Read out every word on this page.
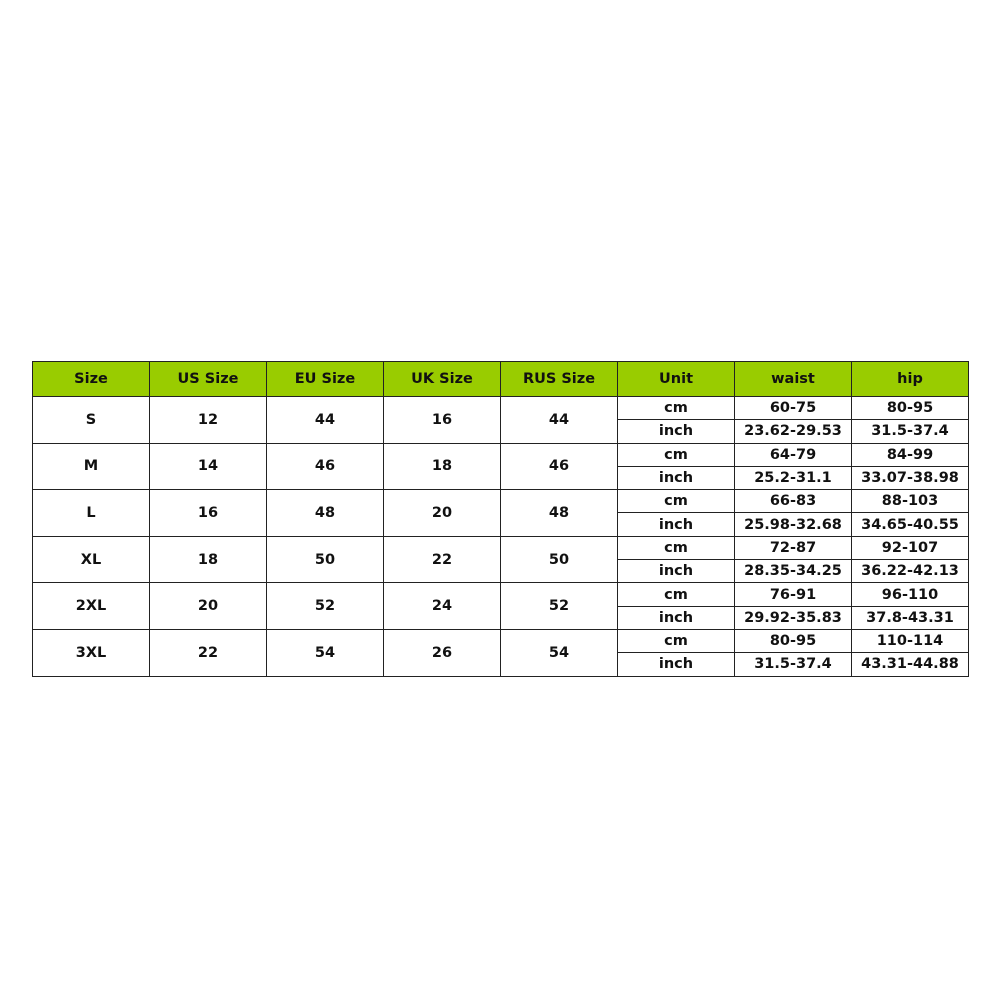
Size	US Size	EU Size	UK Size	RUS Size	Unit	waist	hip
S	12	44	16	44	cm	60-75	80-95
					inch	23.62-29.53	31.5-37.4
M	14	46	18	46	cm	64-79	84-99
					inch	25.2-31.1	33.07-38.98
L	16	48	20	48	cm	66-83	88-103
					inch	25.98-32.68	34.65-40.55
XL	18	50	22	50	cm	72-87	92-107
					inch	28.35-34.25	36.22-42.13
2XL	20	52	24	52	cm	76-91	96-110
					inch	29.92-35.83	37.8-43.31
3XL	22	54	26	54	cm	80-95	110-114
					inch	31.5-37.4	43.31-44.88
